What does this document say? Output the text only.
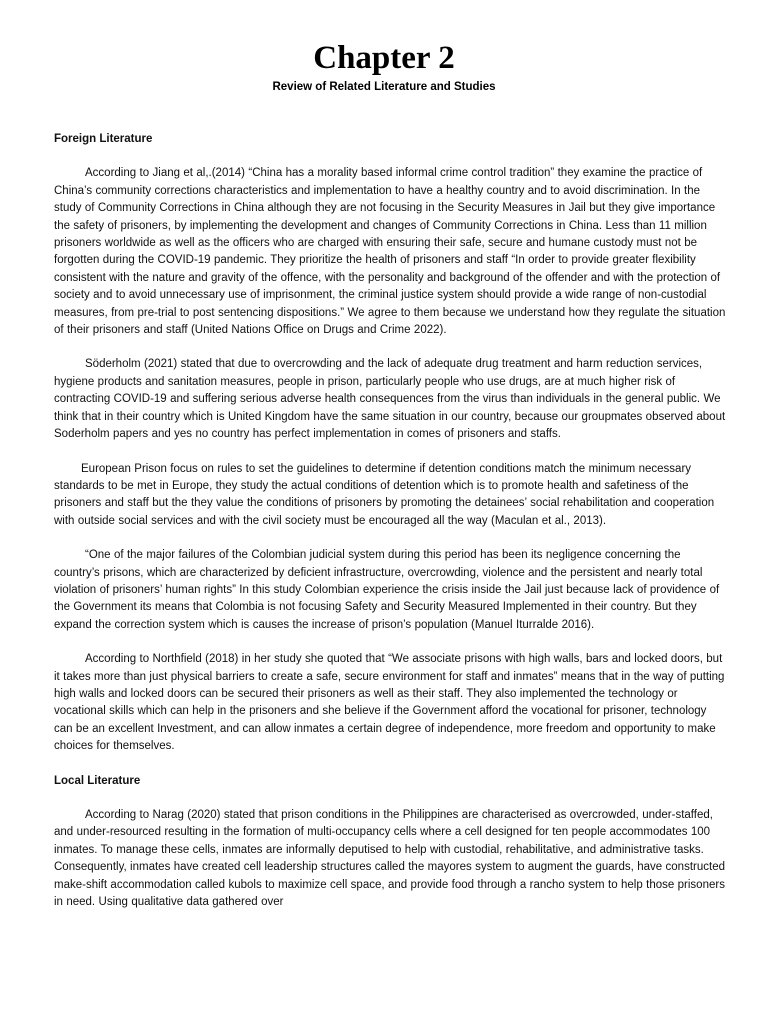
Chapter 2
Review of Related Literature and Studies
Foreign Literature

According to Jiang et al,.(2014) “China has a morality based informal crime control tradition” they examine the practice of China’s community corrections characteristics and implementation to have a healthy country and to avoid discrimination. In the study of Community Corrections in China although they are not focusing in the Security Measures in Jail but they give importance the safety of prisoners, by implementing the development and changes of Community Corrections in China. Less than 11 million prisoners worldwide as well as the officers who are charged with ensuring their safe, secure and humane custody must not be forgotten during the COVID-19 pandemic. They prioritize the health of prisoners and staff “In order to provide greater flexibility consistent with the nature and gravity of the offence, with the personality and background of the offender and with the protection of society and to avoid unnecessary use of imprisonment, the criminal justice system should provide a wide range of non-custodial measures, from pre-trial to post sentencing dispositions.” We agree to them because we understand how they regulate the situation of their prisoners and staff (United Nations Office on Drugs and Crime 2022).

Söderholm (2021) stated that due to overcrowding and the lack of adequate drug treatment and harm reduction services, hygiene products and sanitation measures, people in prison, particularly people who use drugs, are at much higher risk of contracting COVID-19 and suffering serious adverse health consequences from the virus than individuals in the general public. We think that in their country which is United Kingdom have the same situation in our country, because our groupmates observed about Soderholm papers and yes no country has perfect implementation in comes of prisoners and staffs.

European Prison focus on rules to set the guidelines to determine if detention conditions match the minimum necessary standards to be met in Europe, they study the actual conditions of detention which is to promote health and safetiness of the prisoners and staff but the they value the conditions of prisoners by promoting the detainees’ social rehabilitation and cooperation with outside social services and with the civil society must be encouraged all the way (Maculan et al., 2013).

“One of the major failures of the Colombian judicial system during this period has been its negligence concerning the country’s prisons, which are characterized by deficient infrastructure, overcrowding, violence and the persistent and nearly total violation of prisoners’ human rights” In this study Colombian experience the crisis inside the Jail just because lack of providence of the Government its means that Colombia is not focusing Safety and Security Measured Implemented in their country. But they expand the correction system which is causes the increase of prison’s population (Manuel Iturralde 2016).

According to Northfield (2018) in her study she quoted that “We associate prisons with high walls, bars and locked doors, but it takes more than just physical barriers to create a safe, secure environment for staff and inmates” means that in the way of putting high walls and locked doors can be secured their prisoners as well as their staff. They also implemented the technology or vocational skills which can help in the prisoners and she believe if the Government afford the vocational for prisoner, technology can be an excellent Investment, and can allow inmates a certain degree of independence, more freedom and opportunity to make choices for themselves.

Local Literature

According to Narag (2020) stated that prison conditions in the Philippines are characterised as overcrowded, under-staffed, and under-resourced resulting in the formation of multi-occupancy cells where a cell designed for ten people accommodates 100 inmates. To manage these cells, inmates are informally deputised to help with custodial, rehabilitative, and administrative tasks. Consequently, inmates have created cell leadership structures called the mayores system to augment the guards, have constructed make-shift accommodation called kubols to maximize cell space, and provide food through a rancho system to help those prisoners in need. Using qualitative data gathered over
